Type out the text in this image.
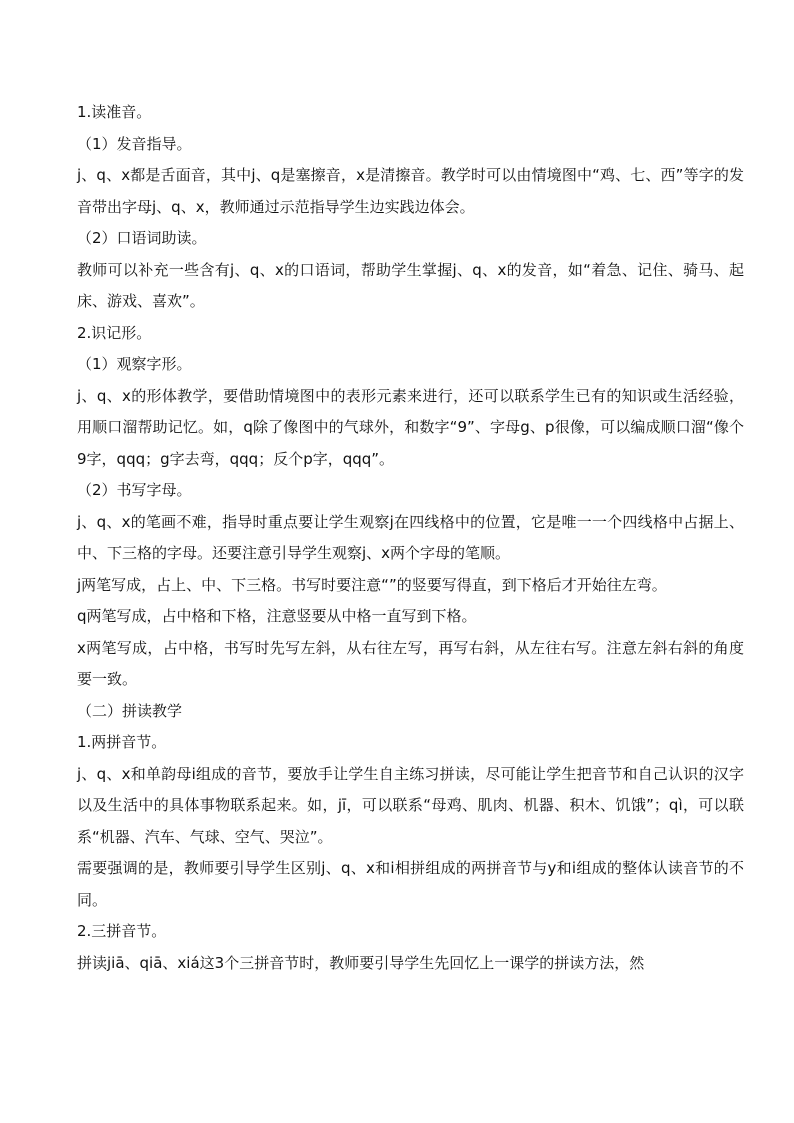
1.读准音。

（1）发音指导。

j、q、x都是舌面音，其中j、q是塞擦音，x是清擦音。教学时可以由情境图中“鸡、七、西”等字的发音带出字母j、q、x，教师通过示范指导学生边实践边体会。

（2）口语词助读。

教师可以补充一些含有j、q、x的口语词，帮助学生掌握j、q、x的发音，如“着急、记住、骑马、起床、游戏、喜欢”。

2.识记形。

（1）观察字形。

j、q、x的形体教学，要借助情境图中的表形元素来进行，还可以联系学生已有的知识或生活经验，用顺口溜帮助记忆。如，q除了像图中的气球外，和数字“9”、字母g、p很像，可以编成顺口溜“像个9字，qqq；g字去弯，qqq；反个p字，qqq”。

（2）书写字母。

j、q、x的笔画不难，指导时重点要让学生观察j在四线格中的位置，它是唯一一个四线格中占据上、中、下三格的字母。还要注意引导学生观察j、x两个字母的笔顺。

j两笔写成，占上、中、下三格。书写时要注意“”的竖要写得直，到下格后才开始往左弯。

q两笔写成，占中格和下格，注意竖要从中格一直写到下格。

x两笔写成，占中格，书写时先写左斜，从右往左写，再写右斜，从左往右写。注意左斜右斜的角度要一致。

（二）拼读教学

1.两拼音节。

j、q、x和单韵母i组成的音节，要放手让学生自主练习拼读，尽可能让学生把音节和自己认识的汉字以及生活中的具体事物联系起来。如，jī，可以联系“母鸡、肌肉、机器、积木、饥饿”；qì，可以联系“机器、汽车、气球、空气、哭泣”。

需要强调的是，教师要引导学生区别j、q、x和i相拼组成的两拼音节与y和i组成的整体认读音节的不同。

2.三拼音节。

拼读jiā、qiā、xiá这3个三拼音节时，教师要引导学生先回忆上一课学的拼读方法，然
